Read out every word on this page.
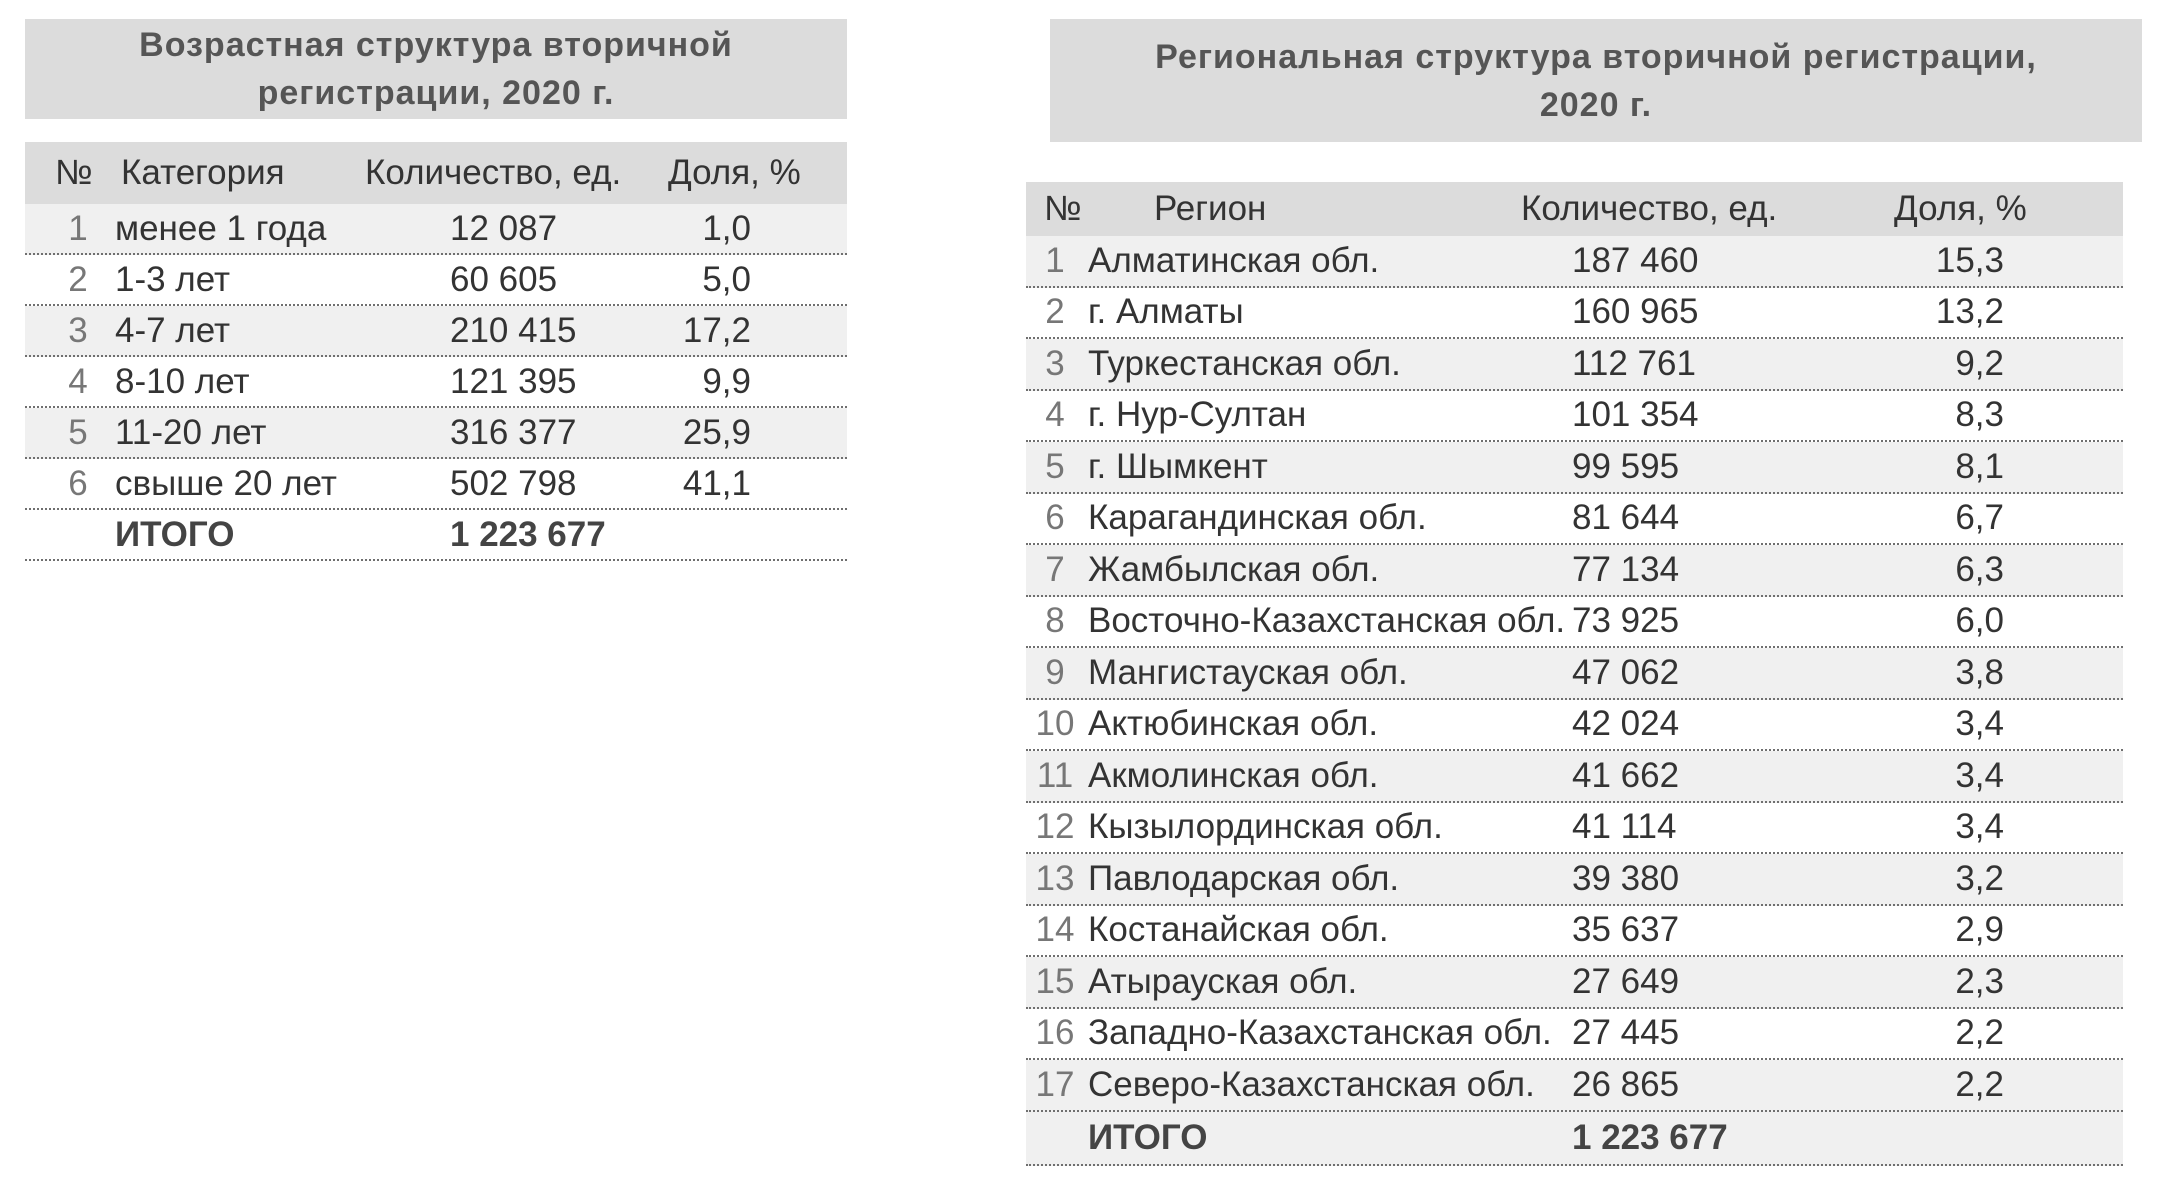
Возрастная структура вторичной
регистрации, 2020 г.
№ Категория Количество, ед. Доля, %
1 менее 1 года	12 087	1,0
2 1-3 лет	60 605	5,0
3 4-7 лет	210 415	17,2
4 8-10 лет	121 395	9,9
5 11-20 лет	316 377	25,9
6 свыше 20 лет	502 798	41,1
ИТОГО	1 223 677
Региональная структура вторичной регистрации,
2020 г.
№ Регион	Количество, ед.	Доля, %
1 Алматинская обл.	187 460	15,3
2 г. Алматы	160 965	13,2
3 Туркестанская обл.	112 761	9,2
4 г. Нур-Султан	101 354	8,3
5 г. Шымкент	99 595	8,1
6 Карагандинская обл.	81 644	6,7
7 Жамбылская обл.	77 134	6,3
8 Восточно-Казахстанская обл. 73 925	6,0
9 Мангистауская обл.	47 062	3,8
10 Актюбинская обл.	42 024	3,4
11 Акмолинская обл.	41 662	3,4
12 Кызылординская обл.	41 114	3,4
13 Павлодарская обл.	39 380	3,2
14 Костанайская обл.	35 637	2,9
15 Атырауская обл.	27 649	2,3
16 Западно-Казахстанская обл. 27 445	2,2
17 Северо-Казахстанская обл. 26 865	2,2
ИТОГО	1 223 677
